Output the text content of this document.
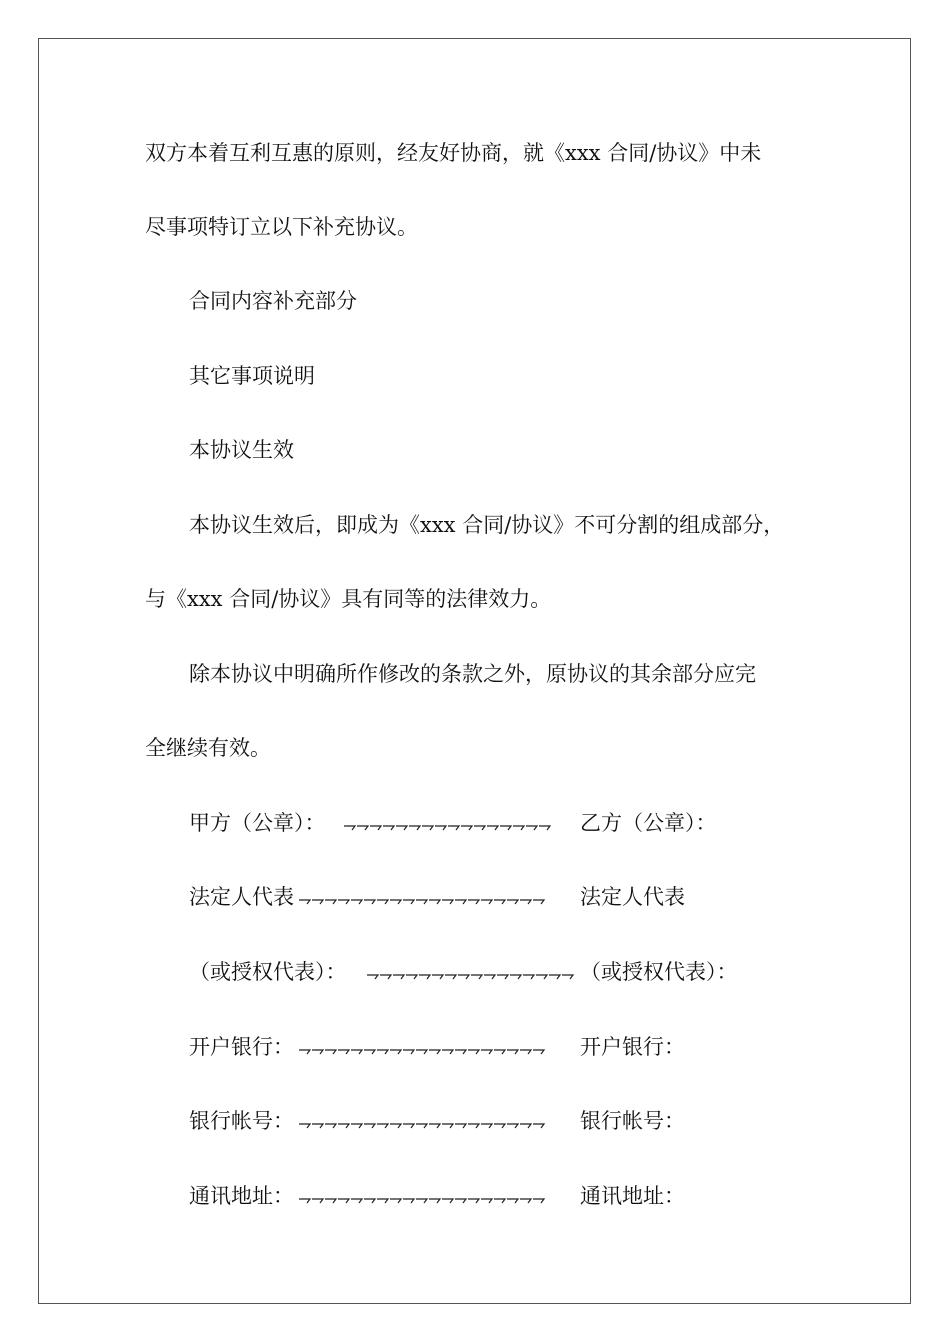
双方本着互利互惠的原则，经友好协商，就《xxx 合同/协议》中未
尽事项特订立以下补充协议。
合同内容补充部分
其它事项说明
本协议生效
本协议生效后，即成为《xxx 合同/协议》不可分割的组成部分，
与《xxx 合同/协议》具有同等的法律效力。
除本协议中明确所作修改的条款之外，原协议的其余部分应完
全继续有效。
甲方（公章）：	乙方（公章）：
法定人代表	法定人代表
（或授权代表）：	（或授权代表）：
开户银行：	开户银行：
银行帐号：	银行帐号：
通讯地址：	通讯地址：
